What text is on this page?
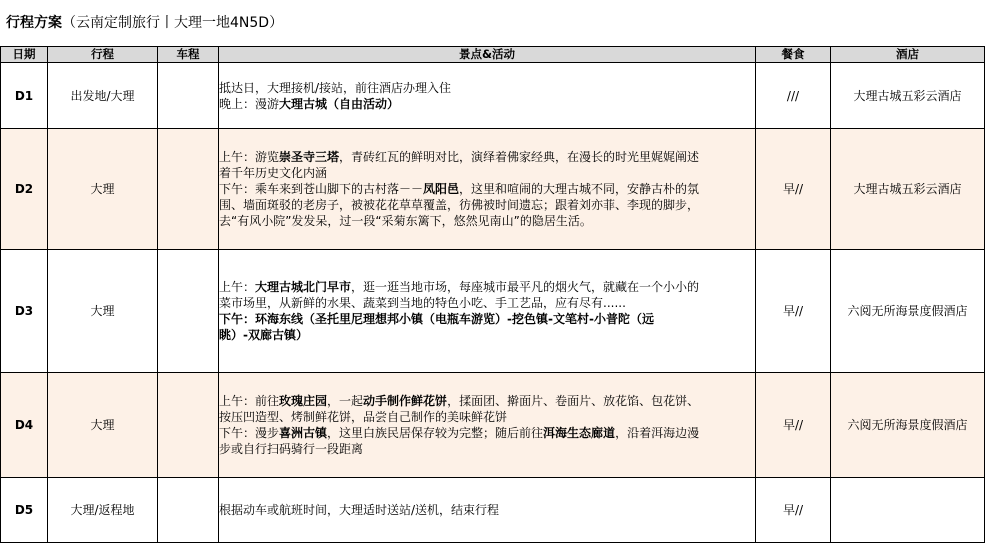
行程方案（云南定制旅行丨大理一地4N5D）
日期	行程	车程	景点&活动	餐食	酒店
D1	出发地/大理		抵达日，大理接机/接站，前往酒店办理入住
晚上：漫游大理古城（自由活动）	///	大理古城五彩云酒店
D2	大理		上午：游览崇圣寺三塔，青砖红瓦的鲜明对比，演绎着佛家经典，在漫长的时光里娓娓阐述
着千年历史文化内涵
下午：乘车来到苍山脚下的古村落－－凤阳邑，这里和喧闹的大理古城不同，安静古朴的氛
围、墙面斑驳的老房子，被被花花草草覆盖，彷佛被时间遗忘；跟着刘亦菲、李现的脚步，
去“有风小院”发发呆，过一段“采菊东篱下，悠然见南山”的隐居生活。	早//	大理古城五彩云酒店
D3	大理		上午：大理古城北门早市，逛一逛当地市场，每座城市最平凡的烟火气，就藏在一个小小的
菜市场里，从新鲜的水果、蔬菜到当地的特色小吃、手工艺品，应有尽有......
下午：环海东线（圣托里尼理想邦小镇（电瓶车游览）-挖色镇-文笔村-小普陀（远
眺）-双廊古镇）	早//	六阅无所海景度假酒店
D4	大理		上午：前往玫瑰庄园，一起动手制作鲜花饼，揉面团、擀面片、卷面片、放花馅、包花饼、
按压凹造型、烤制鲜花饼，品尝自己制作的美味鲜花饼
下午：漫步喜洲古镇，这里白族民居保存较为完整；随后前往洱海生态廊道，沿着洱海边漫
步或自行扫码骑行一段距离	早//	六阅无所海景度假酒店
D5	大理/返程地		根据动车或航班时间，大理适时送站/送机，结束行程	早//	
